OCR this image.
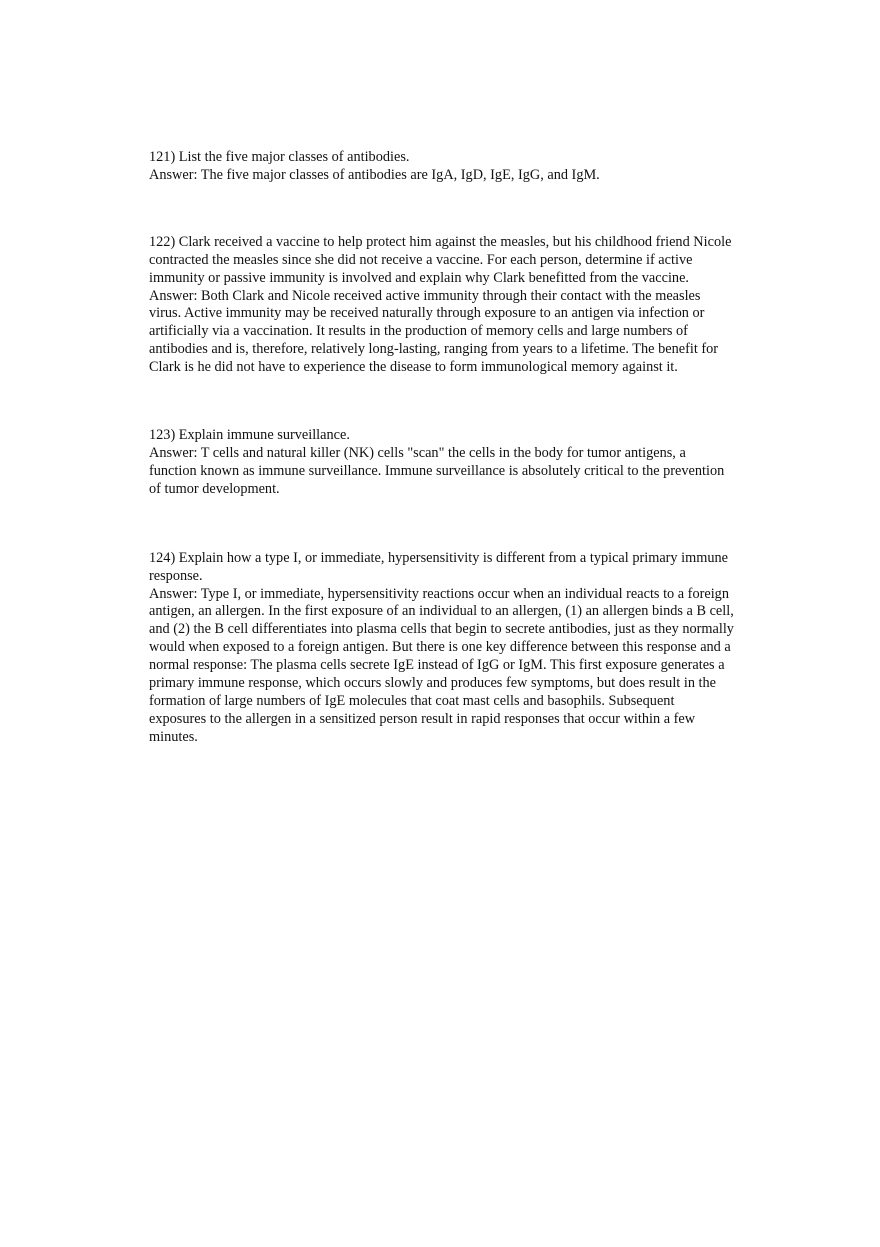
121) List the five major classes of antibodies.

Answer: The five major classes of antibodies are IgA, IgD, IgE, IgG, and IgM.

122) Clark received a vaccine to help protect him against the measles, but his childhood friend Nicole contracted the measles since she did not receive a vaccine. For each person, determine if active immunity or passive immunity is involved and explain why Clark benefitted from the vaccine.

Answer: Both Clark and Nicole received active immunity through their contact with the measles virus. Active immunity may be received naturally through exposure to an antigen via infection or artificially via a vaccination. It results in the production of memory cells and large numbers of antibodies and is, therefore, relatively long-lasting, ranging from years to a lifetime. The benefit for Clark is he did not have to experience the disease to form immunological memory against it.

123) Explain immune surveillance.

Answer: T cells and natural killer (NK) cells "scan" the cells in the body for tumor antigens, a function known as immune surveillance. Immune surveillance is absolutely critical to the prevention of tumor development.

124) Explain how a type I, or immediate, hypersensitivity is different from a typical primary immune response.

Answer: Type I, or immediate, hypersensitivity reactions occur when an individual reacts to a foreign antigen, an allergen. In the first exposure of an individual to an allergen, (1) an allergen binds a B cell, and (2) the B cell differentiates into plasma cells that begin to secrete antibodies, just as they normally would when exposed to a foreign antigen. But there is one key difference between this response and a normal response: The plasma cells secrete IgE instead of IgG or IgM. This first exposure generates a primary immune response, which occurs slowly and produces few symptoms, but does result in the formation of large numbers of IgE molecules that coat mast cells and basophils. Subsequent exposures to the allergen in a sensitized person result in rapid responses that occur within a few minutes.
